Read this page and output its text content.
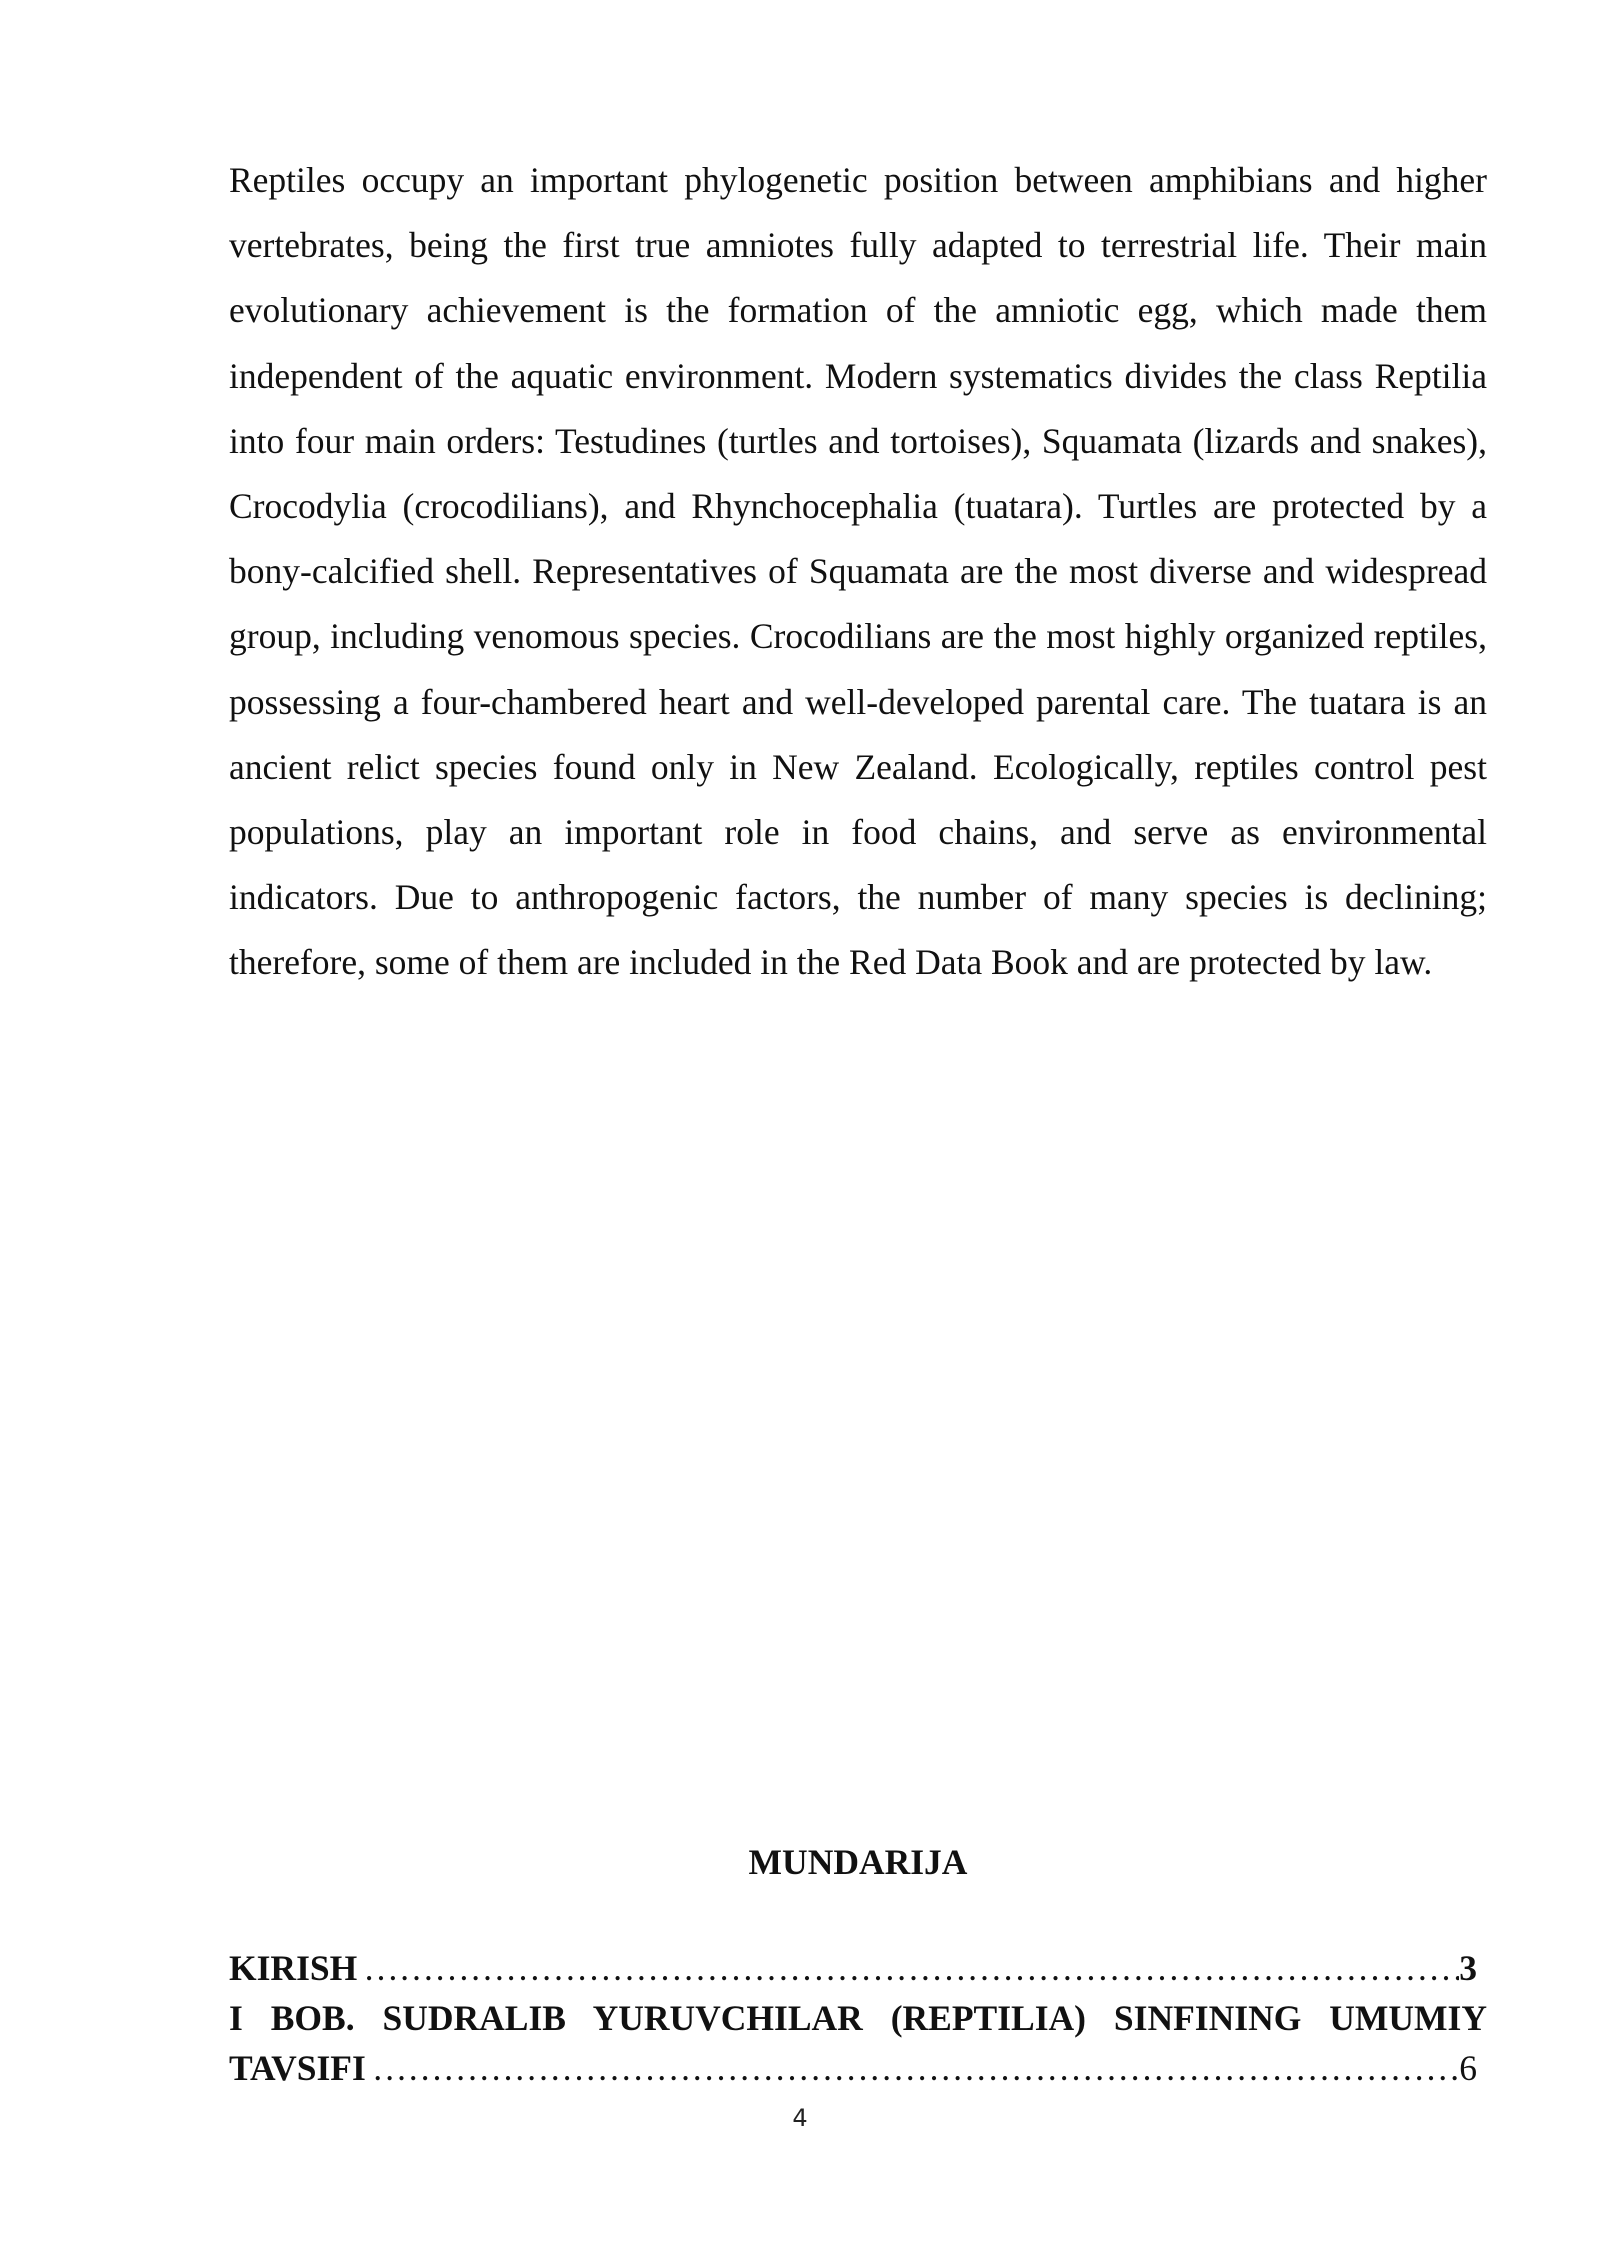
Reptiles occupy an important phylogenetic position between amphibians and higher vertebrates, being the first true amniotes fully adapted to terrestrial life. Their main evolutionary achievement is the formation of the amniotic egg, which made them independent of the aquatic environment. Modern systematics divides the class Reptilia into four main orders: Testudines (turtles and tortoises), Squamata (lizards and snakes), Crocodylia (crocodilians), and Rhynchocephalia (tuatara). Turtles are protected by a bony-calcified shell. Representatives of Squamata are the most diverse and widespread group, including venomous species. Crocodilians are the most highly organized reptiles, possessing a four-chambered heart and well-developed parental care. The tuatara is an ancient relict species found only in New Zealand. Ecologically, reptiles control pest populations, play an important role in food chains, and serve as environmental indicators. Due to anthropogenic factors, the number of many species is declining; therefore, some of them are included in the Red Data Book and are protected by law.

MUNDARIJA
KIRISH ………………………………………………………………………………………………………………………………………………	3
I BOB. SUDRALIB YURUVCHILAR (REPTILIA) SINFINING UMUMIY
TAVSIFI ………………………………………………………………………………………………………………………………………………	6
4
